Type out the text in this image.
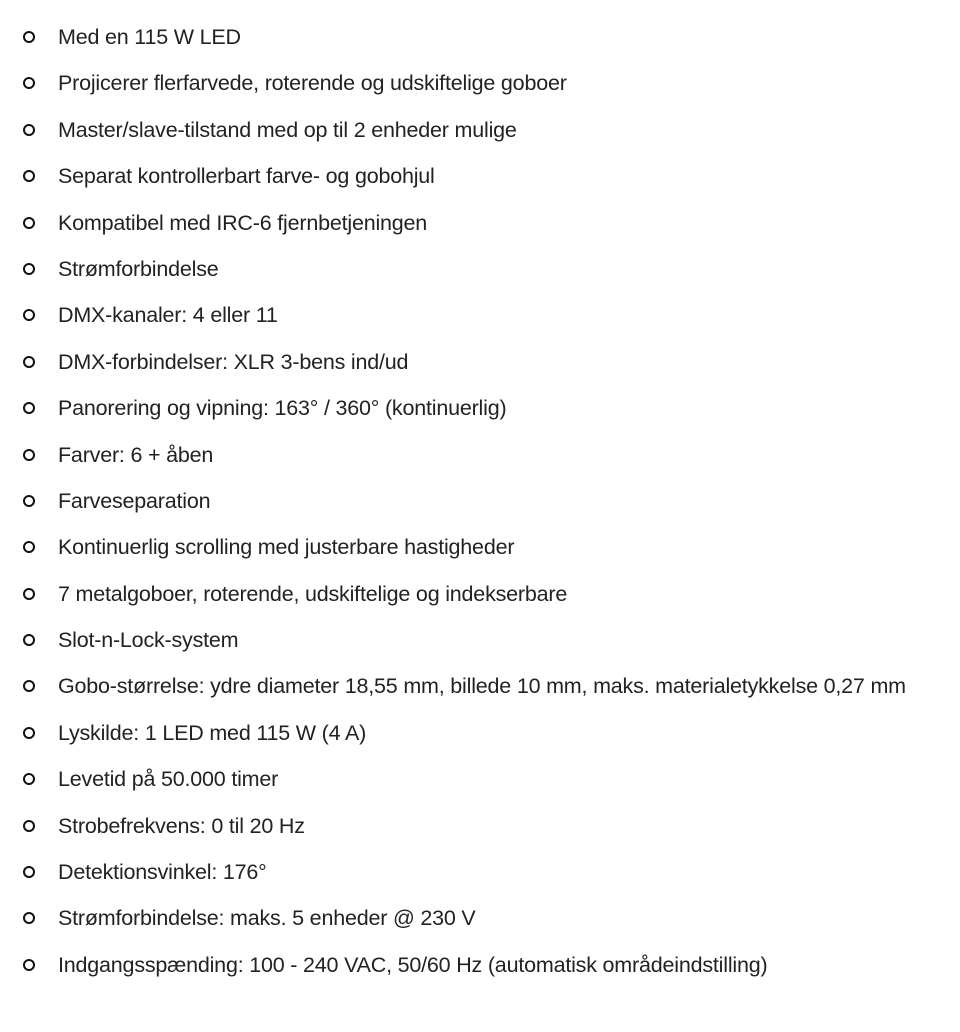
Med en 115 W LED
Projicerer flerfarvede, roterende og udskiftelige goboer
Master/slave-tilstand med op til 2 enheder mulige
Separat kontrollerbart farve- og gobohjul
Kompatibel med IRC-6 fjernbetjeningen
Strømforbindelse
DMX-kanaler: 4 eller 11
DMX-forbindelser: XLR 3-bens ind/ud
Panorering og vipning: 163° / 360° (kontinuerlig)
Farver: 6 + åben
Farveseparation
Kontinuerlig scrolling med justerbare hastigheder
7 metalgoboer, roterende, udskiftelige og indekserbare
Slot-n-Lock-system
Gobo-størrelse: ydre diameter 18,55 mm, billede 10 mm, maks. materialetykkelse 0,27 mm
Lyskilde: 1 LED med 115 W (4 A)
Levetid på 50.000 timer
Strobefrekvens: 0 til 20 Hz
Detektionsvinkel: 176°
Strømforbindelse: maks. 5 enheder @ 230 V
Indgangsspænding: 100 - 240 VAC, 50/60 Hz (automatisk områdeindstilling)
